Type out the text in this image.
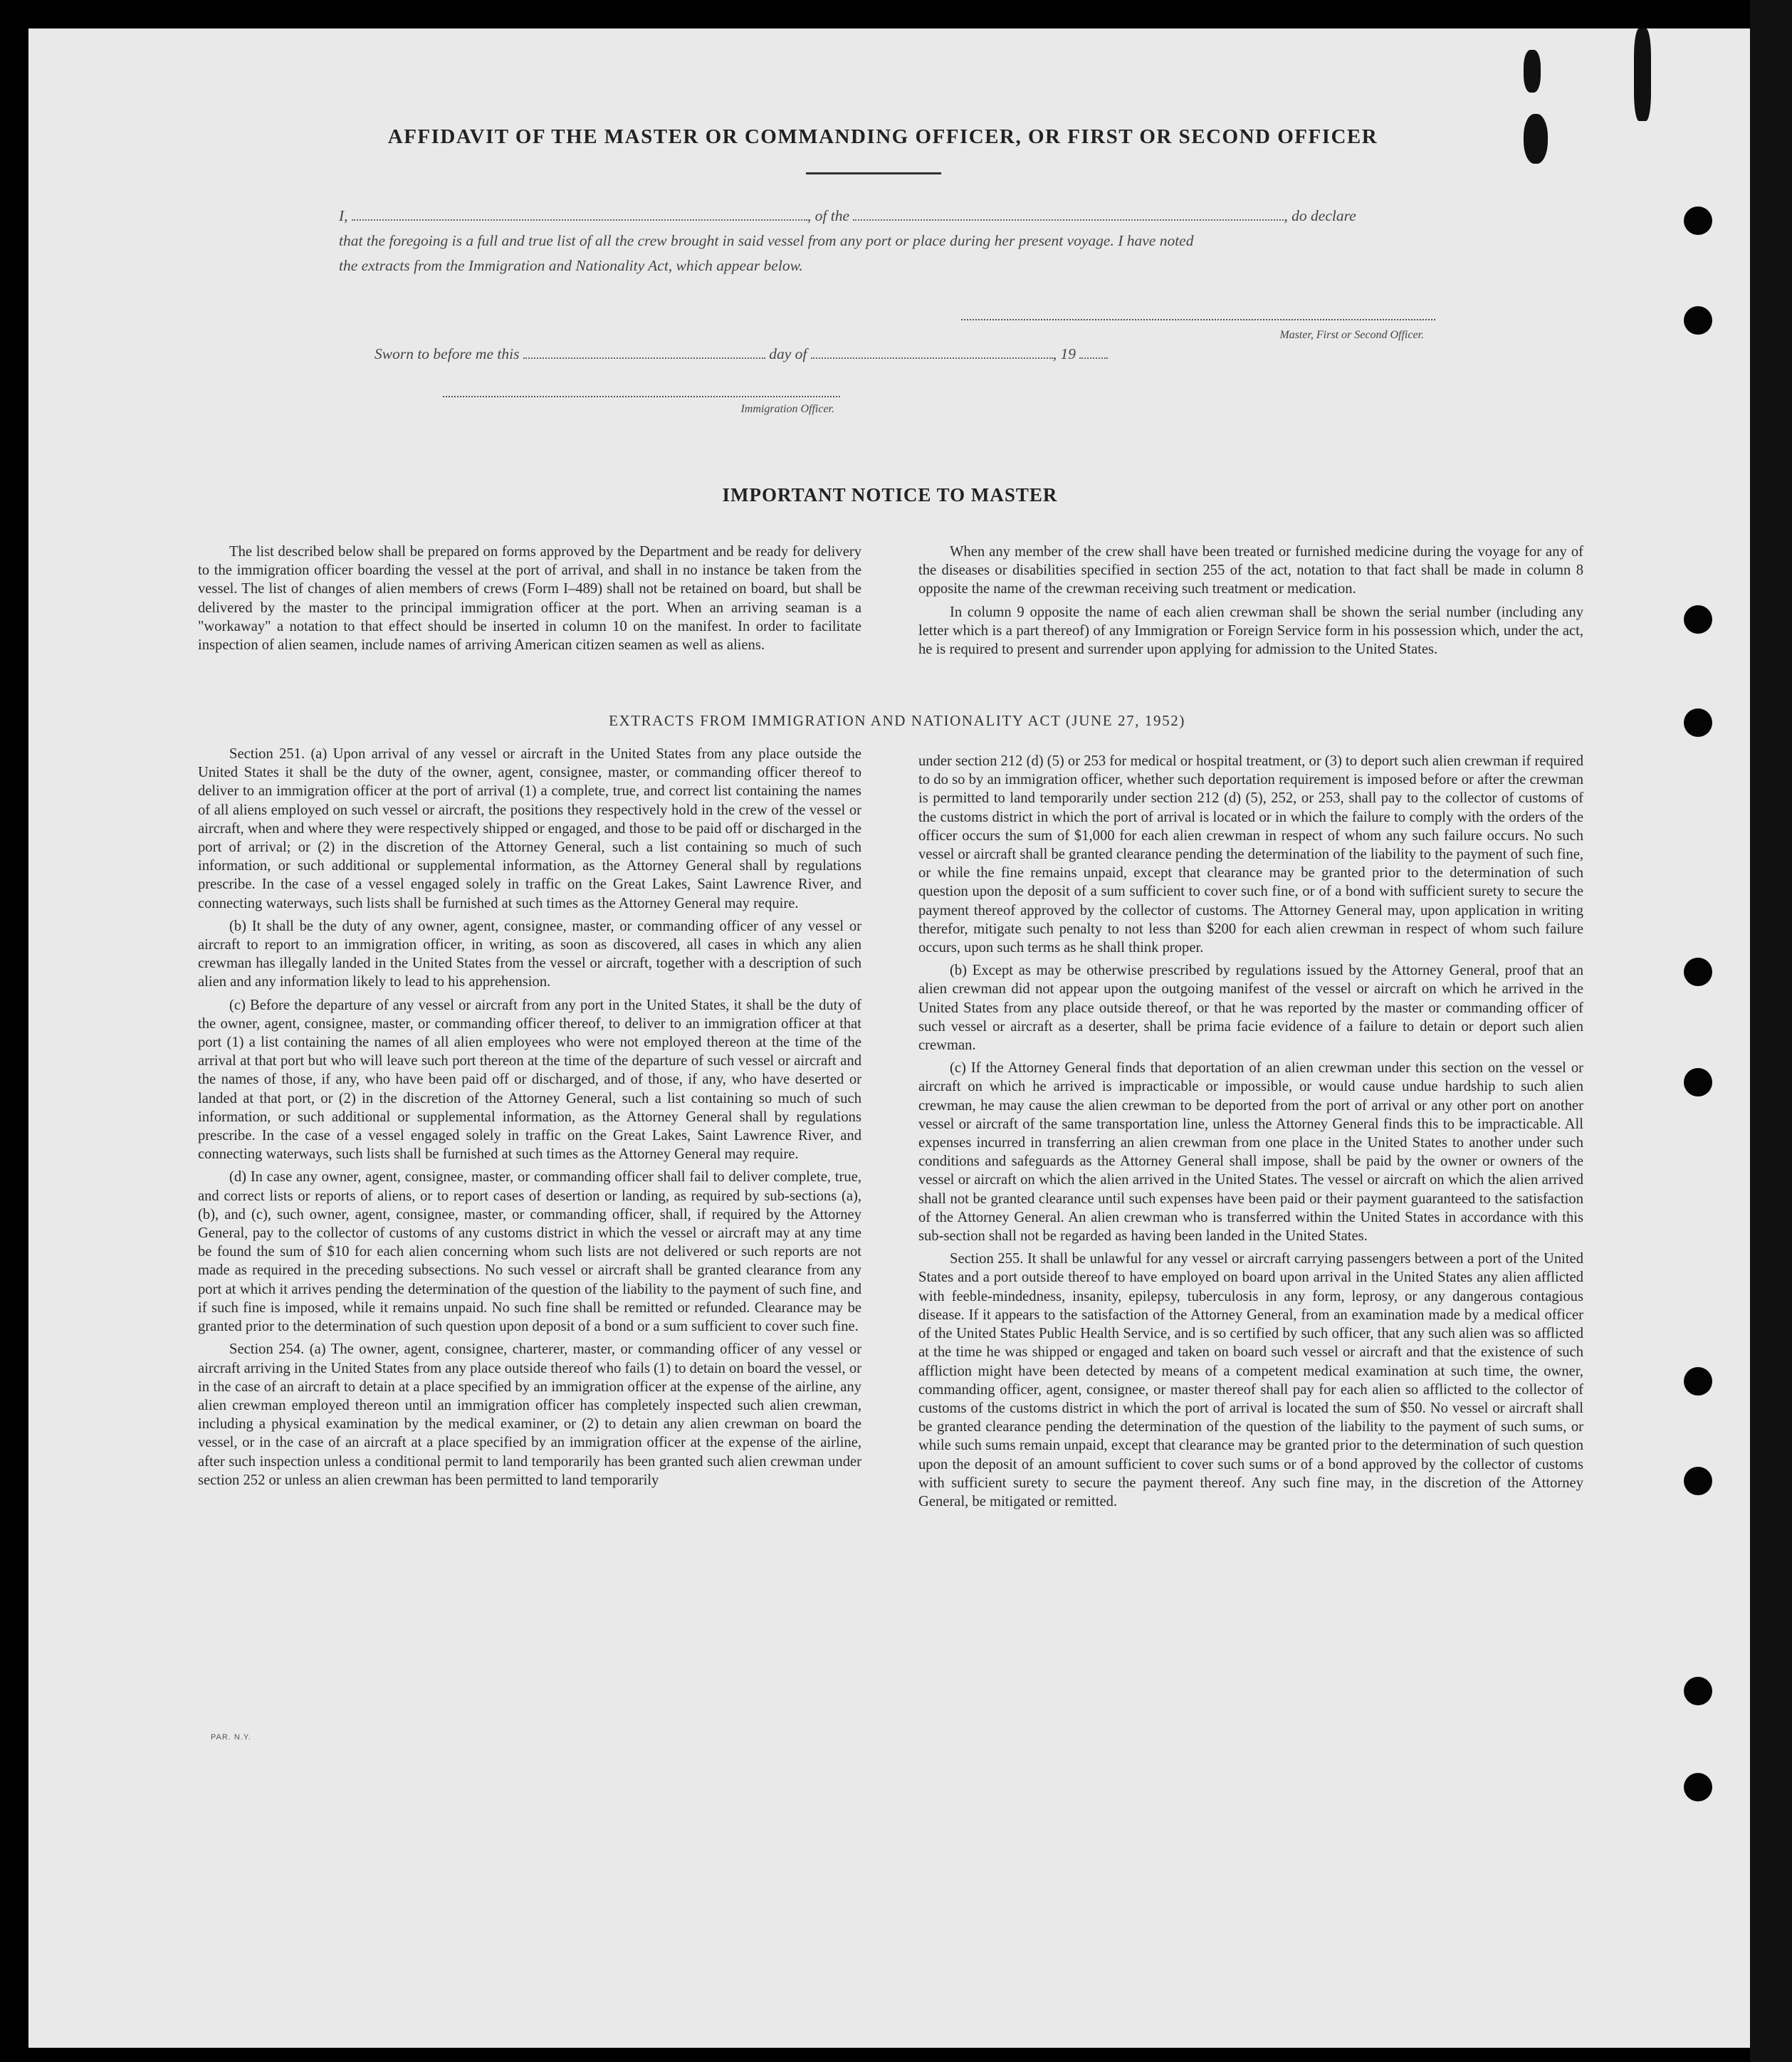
AFFIDAVIT OF THE MASTER OR COMMANDING OFFICER, OR FIRST OR SECOND OFFICER
I,	, of the	, do declare
that the foregoing is a full and true list of all the crew brought in said vessel from any port or place during her present voyage. I have noted
the extracts from the Immigration and Nationality Act, which appear below.
Master, First or Second Officer.
Sworn to before me this	day of	, 19
Immigration Officer.
IMPORTANT NOTICE TO MASTER

The list described below shall be prepared on forms approved by the Department and be ready for delivery to the immigration officer boarding the vessel at the port of arrival, and shall in no instance be taken from the vessel. The list of changes of alien members of crews (Form I–489) shall not be retained on board, but shall be delivered by the master to the principal immigration officer at the port. When an arriving seaman is a "workaway" a notation to that effect should be inserted in column 10 on the manifest. In order to facilitate inspection of alien seamen, include names of arriving American citizen seamen as well as aliens.

When any member of the crew shall have been treated or furnished medicine during the voyage for any of the diseases or disabilities specified in section 255 of the act, notation to that fact shall be made in column 8 opposite the name of the crewman receiving such treatment or medication.

In column 9 opposite the name of each alien crewman shall be shown the serial number (including any letter which is a part thereof) of any Immigration or Foreign Service form in his possession which, under the act, he is required to present and surrender upon applying for admission to the United States.

EXTRACTS FROM IMMIGRATION AND NATIONALITY ACT (JUNE 27, 1952)

Section 251. (a) Upon arrival of any vessel or aircraft in the United States from any place outside the United States it shall be the duty of the owner, agent, consignee, master, or commanding officer thereof to deliver to an immigration officer at the port of arrival (1) a complete, true, and correct list containing the names of all aliens employed on such vessel or aircraft, the positions they respectively hold in the crew of the vessel or aircraft, when and where they were respectively shipped or engaged, and those to be paid off or discharged in the port of arrival; or (2) in the discretion of the Attorney General, such a list containing so much of such information, or such additional or supplemental information, as the Attorney General shall by regulations prescribe. In the case of a vessel engaged solely in traffic on the Great Lakes, Saint Lawrence River, and connecting waterways, such lists shall be furnished at such times as the Attorney General may require.

(b) It shall be the duty of any owner, agent, consignee, master, or commanding officer of any vessel or aircraft to report to an immigration officer, in writing, as soon as discovered, all cases in which any alien crewman has illegally landed in the United States from the vessel or aircraft, together with a description of such alien and any information likely to lead to his apprehension.

(c) Before the departure of any vessel or aircraft from any port in the United States, it shall be the duty of the owner, agent, consignee, master, or commanding officer thereof, to deliver to an immigration officer at that port (1) a list containing the names of all alien employees who were not employed thereon at the time of the arrival at that port but who will leave such port thereon at the time of the departure of such vessel or aircraft and the names of those, if any, who have been paid off or discharged, and of those, if any, who have deserted or landed at that port, or (2) in the discretion of the Attorney General, such a list containing so much of such information, or such additional or supplemental information, as the Attorney General shall by regulations prescribe. In the case of a vessel engaged solely in traffic on the Great Lakes, Saint Lawrence River, and connecting waterways, such lists shall be furnished at such times as the Attorney General may require.

(d) In case any owner, agent, consignee, master, or commanding officer shall fail to deliver complete, true, and correct lists or reports of aliens, or to report cases of desertion or landing, as required by sub-sections (a), (b), and (c), such owner, agent, consignee, master, or commanding officer, shall, if required by the Attorney General, pay to the collector of customs of any customs district in which the vessel or aircraft may at any time be found the sum of $10 for each alien concerning whom such lists are not delivered or such reports are not made as required in the preceding subsections. No such vessel or aircraft shall be granted clearance from any port at which it arrives pending the determination of the question of the liability to the payment of such fine, and if such fine is imposed, while it remains unpaid. No such fine shall be remitted or refunded. Clearance may be granted prior to the determination of such question upon deposit of a bond or a sum sufficient to cover such fine.

Section 254. (a) The owner, agent, consignee, charterer, master, or commanding officer of any vessel or aircraft arriving in the United States from any place outside thereof who fails (1) to detain on board the vessel, or in the case of an aircraft to detain at a place specified by an immigration officer at the expense of the airline, any alien crewman employed thereon until an immigration officer has completely inspected such alien crewman, including a physical examination by the medical examiner, or (2) to detain any alien crewman on board the vessel, or in the case of an aircraft at a place specified by an immigration officer at the expense of the airline, after such inspection unless a conditional permit to land temporarily has been granted such alien crewman under section 252 or unless an alien crewman has been permitted to land temporarily

under section 212 (d) (5) or 253 for medical or hospital treatment, or (3) to deport such alien crewman if required to do so by an immigration officer, whether such deportation requirement is imposed before or after the crewman is permitted to land temporarily under section 212 (d) (5), 252, or 253, shall pay to the collector of customs of the customs district in which the port of arrival is located or in which the failure to comply with the orders of the officer occurs the sum of $1,000 for each alien crewman in respect of whom any such failure occurs. No such vessel or aircraft shall be granted clearance pending the determination of the liability to the payment of such fine, or while the fine remains unpaid, except that clearance may be granted prior to the determination of such question upon the deposit of a sum sufficient to cover such fine, or of a bond with sufficient surety to secure the payment thereof approved by the collector of customs. The Attorney General may, upon application in writing therefor, mitigate such penalty to not less than $200 for each alien crewman in respect of whom such failure occurs, upon such terms as he shall think proper.

(b) Except as may be otherwise prescribed by regulations issued by the Attorney General, proof that an alien crewman did not appear upon the outgoing manifest of the vessel or aircraft on which he arrived in the United States from any place outside thereof, or that he was reported by the master or commanding officer of such vessel or aircraft as a deserter, shall be prima facie evidence of a failure to detain or deport such alien crewman.

(c) If the Attorney General finds that deportation of an alien crewman under this section on the vessel or aircraft on which he arrived is impracticable or impossible, or would cause undue hardship to such alien crewman, he may cause the alien crewman to be deported from the port of arrival or any other port on another vessel or aircraft of the same transportation line, unless the Attorney General finds this to be impracticable. All expenses incurred in transferring an alien crewman from one place in the United States to another under such conditions and safeguards as the Attorney General shall impose, shall be paid by the owner or owners of the vessel or aircraft on which the alien arrived in the United States. The vessel or aircraft on which the alien arrived shall not be granted clearance until such expenses have been paid or their payment guaranteed to the satisfaction of the Attorney General. An alien crewman who is transferred within the United States in accordance with this sub-section shall not be regarded as having been landed in the United States.

Section 255. It shall be unlawful for any vessel or aircraft carrying passengers between a port of the United States and a port outside thereof to have employed on board upon arrival in the United States any alien afflicted with feeble-mindedness, insanity, epilepsy, tuberculosis in any form, leprosy, or any dangerous contagious disease. If it appears to the satisfaction of the Attorney General, from an examination made by a medical officer of the United States Public Health Service, and is so certified by such officer, that any such alien was so afflicted at the time he was shipped or engaged and taken on board such vessel or aircraft and that the existence of such affliction might have been detected by means of a competent medical examination at such time, the owner, commanding officer, agent, consignee, or master thereof shall pay for each alien so afflicted to the collector of customs of the customs district in which the port of arrival is located the sum of $50. No vessel or aircraft shall be granted clearance pending the determination of the question of the liability to the payment of such sums, or while such sums remain unpaid, except that clearance may be granted prior to the determination of such question upon the deposit of an amount sufficient to cover such sums or of a bond approved by the collector of customs with sufficient surety to secure the payment thereof. Any such fine may, in the discretion of the Attorney General, be mitigated or remitted.

PAR. N.Y.
